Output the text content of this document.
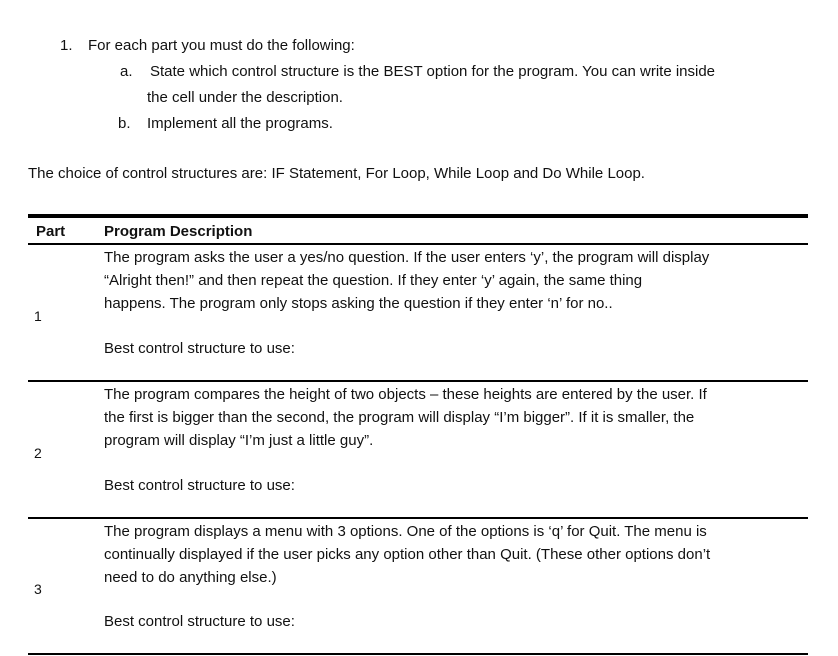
1. For each part you must do the following:
a. State which control structure is the BEST option for the program. You can write inside
the cell under the description.
b. Implement all the programs.
The choice of control structures are: IF Statement, For Loop, While Loop and Do While Loop.
Part	Program Description
1
The program asks the user a yes/no question. If the user enters ‘y’, the program will display
“Alright then!” and then repeat the question. If they enter ‘y’ again, the same thing
happens. The program only stops asking the question if they enter ‘n’ for no..
Best control structure to use:
2
The program compares the height of two objects – these heights are entered by the user. If
the first is bigger than the second, the program will display “I’m bigger”. If it is smaller, the
program will display “I’m just a little guy”.
Best control structure to use:
3
The program displays a menu with 3 options. One of the options is ‘q’ for Quit. The menu is
continually displayed if the user picks any option other than Quit. (These other options don’t
need to do anything else.)
Best control structure to use:
